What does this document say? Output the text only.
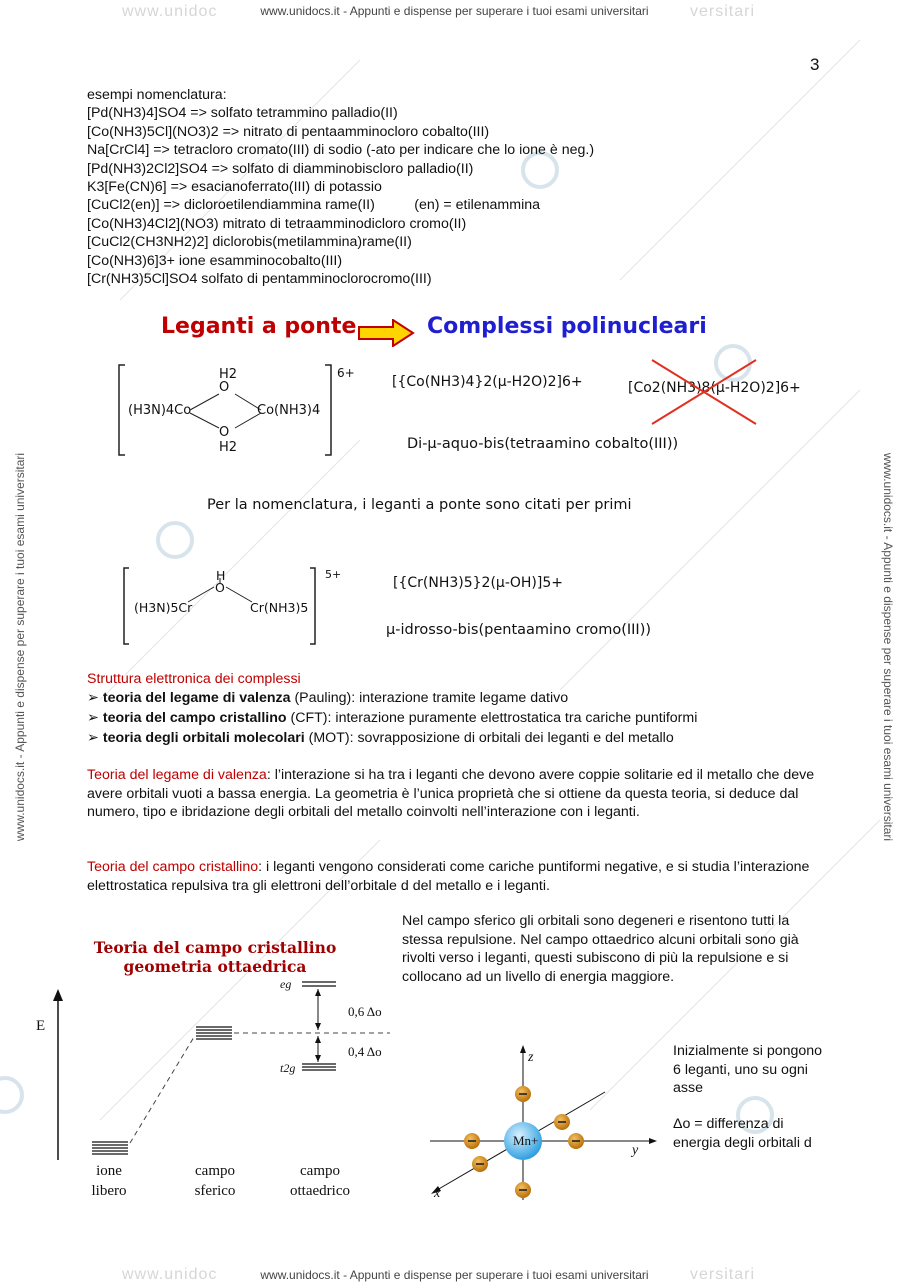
www.unidocs.it - Appunti e dispense per superare i tuoi esami universitari
www.unidoc	versitari
www.unidocs.it - Appunti e dispense per superare i tuoi esami universitari
www.unidoc	versitari
www.unidocs.it - Appunti e dispense per superare i tuoi esami universitari	www.unidocs.it - Appunti e dispense per superare i tuoi esami universitari
3
esempi nomenclatura:
[Pd(NH3)4]SO4 => solfato tetrammino palladio(II)
[Co(NH3)5Cl](NO3)2 => nitrato di pentaamminocloro cobalto(III)
Na[CrCl4] => tetracloro cromato(III) di sodio (-ato per indicare che lo ione è neg.)
[Pd(NH3)2Cl2]SO4 => solfato di diamminobiscloro palladio(II)
K3[Fe(CN)6] => esacianoferrato(III) di potassio
[CuCl2(en)] => dicloroetilendiammina rame(II)          (en) = etilenammina
[Co(NH3)4Cl2](NO3) mitrato di tetraamminodicloro cromo(II)
[CuCl2(CH3NH2)2] diclorobis(metilammina)rame(II)
[Co(NH3)6]3+ ione esamminocobalto(III)
[Cr(NH3)5Cl]SO4 solfato di pentamminoclorocromo(III)
Leganti a ponte	Complessi polinucleari
H2
O
(H3N)4Co	Co(NH3)4
O
H2
6+
[{Co(NH3)4}2(μ-H2O)2]6+	[Co2(NH3)8(μ-H2O)2]6+
Di-μ-aquo-bis(tetraamino cobalto(III))
Per la nomenclatura, i leganti a ponte sono citati per primi
H
O
(H3N)5Cr	Cr(NH3)5
5+
[{Cr(NH3)5}2(μ-OH)]5+
μ-idrosso-bis(pentaamino cromo(III))
Struttura elettronica dei complessi
➢ teoria del legame di valenza (Pauling): interazione tramite legame dativo
➢ teoria del campo cristallino (CFT): interazione puramente elettrostatica tra cariche puntiformi
➢ teoria degli orbitali molecolari (MOT): sovrapposizione di orbitali dei leganti e del metallo
Teoria del legame di valenza: l’interazione si ha tra i leganti che devono avere coppie solitarie ed il metallo che deve avere orbitali vuoti a bassa energia. La geometria è l’unica proprietà che si ottiene da questa teoria, si deduce dal numero, tipo e ibridazione degli orbitali del metallo coinvolti nell’interazione con i leganti.
Teoria del campo cristallino: i leganti vengono considerati come cariche puntiformi negative, e si studia l’interazione elettrostatica repulsiva tra gli elettroni dell’orbitale d del metallo e i leganti.
Teoria del campo cristallino
geometria ottaedrica
E
eg
t2g
0,6 Δo
0,4 Δo
ione
libero
campo
sferico
campo
ottaedrico
Nel campo sferico gli orbitali sono degeneri e risentono tutti la stessa repulsione. Nel campo ottaedrico alcuni orbitali sono già rivolti verso i leganti, questi subiscono di più la repulsione e si collocano ad un livello di energia maggiore.
z
y
x
Mn+
Inizialmente si pongono 6 leganti, uno su ogni asse
Δo = differenza di energia degli orbitali d
